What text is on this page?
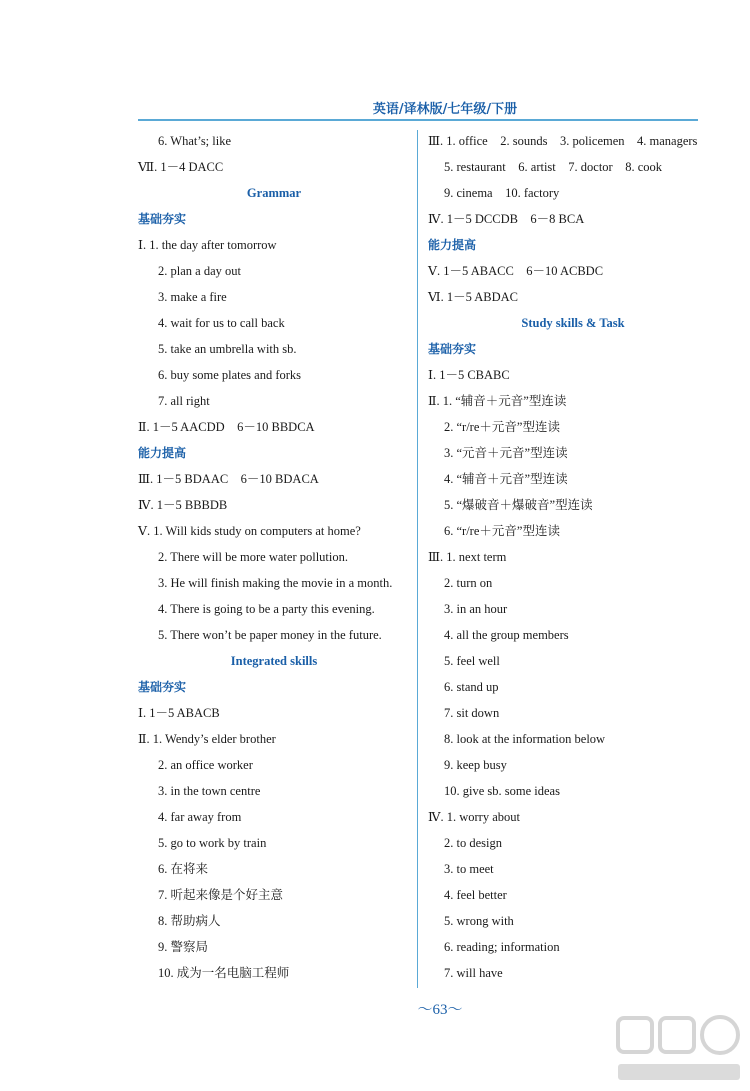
英语/译林版/七年级/下册
6. What’s; like
Ⅶ. 1－4 DACC
Grammar
基础夯实
Ⅰ. 1. the day after tomorrow
2. plan a day out
3. make a fire
4. wait for us to call back
5. take an umbrella with sb.
6. buy some plates and forks
7. all right
Ⅱ. 1－5 AACDD　6－10 BBDCA
能力提高
Ⅲ. 1－5 BDAAC　6－10 BDACA
Ⅳ. 1－5 BBBDB
Ⅴ. 1. Will kids study on computers at home?
2. There will be more water pollution.
3. He will finish making the movie in a month.
4. There is going to be a party this evening.
5. There won’t be paper money in the future.
Integrated skills
基础夯实
Ⅰ. 1－5 ABACB
Ⅱ. 1. Wendy’s elder brother
2. an office worker
3. in the town centre
4. far away from
5. go to work by train
6. 在将来
7. 听起来像是个好主意
8. 帮助病人
9. 警察局
10. 成为一名电脑工程师
Ⅲ. 1. office　2. sounds　3. policemen　4. managers
5. restaurant　6. artist　7. doctor　8. cook
9. cinema　10. factory
Ⅳ. 1－5 DCCDB　6－8 BCA
能力提高
Ⅴ. 1－5 ABACC　6－10 ACBDC
Ⅵ. 1－5 ABDAC
Study skills & Task
基础夯实
Ⅰ. 1－5 CBABC
Ⅱ. 1. “辅音＋元音”型连读
2. “r/re＋元音”型连读
3. “元音＋元音”型连读
4. “辅音＋元音”型连读
5. “爆破音＋爆破音”型连读
6. “r/re＋元音”型连读
Ⅲ. 1. next term
2. turn on
3. in an hour
4. all the group members
5. feel well
6. stand up
7. sit down
8. look at the information below
9. keep busy
10. give sb. some ideas
Ⅳ. 1. worry about
2. to design
3. to meet
4. feel better
5. wrong with
6. reading; information
7. will have
～63～
